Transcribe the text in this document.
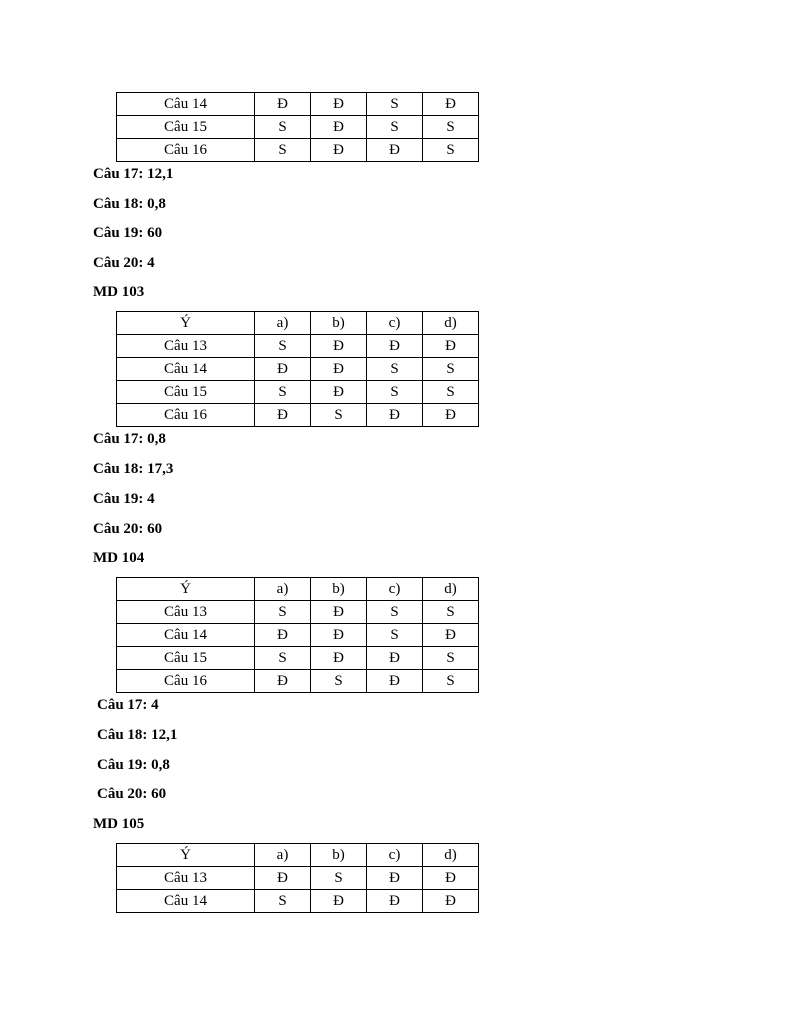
Câu 14	Đ	Đ	S	Đ
Câu 15	S	Đ	S	S
Câu 16	S	Đ	Đ	S
Câu 17: 12,1
Câu 18: 0,8
Câu 19: 60
Câu 20: 4
MD 103
Ý	a)	b)	c)	d)
Câu 13	S	Đ	Đ	Đ
Câu 14	Đ	Đ	S	S
Câu 15	S	Đ	S	S
Câu 16	Đ	S	Đ	Đ
Câu 17: 0,8
Câu 18: 17,3
Câu 19: 4
Câu 20: 60
MD 104
Ý	a)	b)	c)	d)
Câu 13	S	Đ	S	S
Câu 14	Đ	Đ	S	Đ
Câu 15	S	Đ	Đ	S
Câu 16	Đ	S	Đ	S
Câu 17: 4
Câu 18: 12,1
Câu 19: 0,8
Câu 20: 60
MD 105
Ý	a)	b)	c)	d)
Câu 13	Đ	S	Đ	Đ
Câu 14	S	Đ	Đ	Đ
